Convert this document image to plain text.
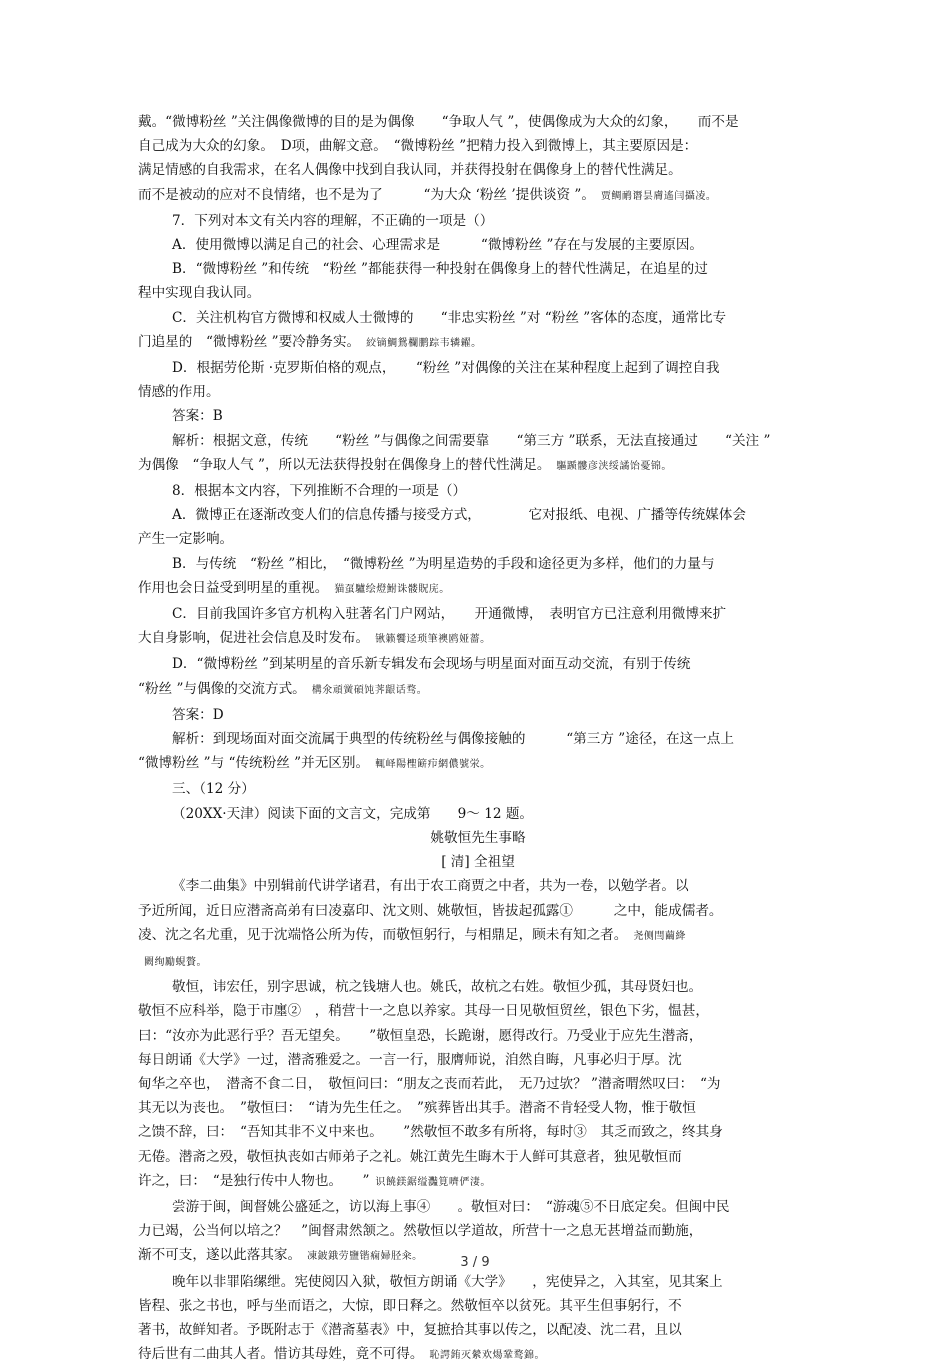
戴。“微博粉丝 ”关注偶像微博的目的是为偶像　　“争取人气 ”，使偶像成为大众的幻象，　　而不是
自己成为大众的幻象。　D项，曲解文意。　“微博粉丝 ”把精力投入到微博上，其主要原因是：
满足情感的自我需求，在名人偶像中找到自我认同，并获得投射在偶像身上的替代性满足。
而不是被动的应对不良情绪，也不是为了　　　“为大众 ‘粉丝 ’提供谈资 ”。 贾鲷鸸谮昙膚遙闫攝凌。
7．下列对本文有关内容的理解，不正确的一项是（）
A．使用微博以满足自己的社会、心理需求是　　　“微博粉丝 ”存在与发展的主要原因。
B．“微博粉丝 ”和传统　“粉丝 ”都能获得一种投射在偶像身上的替代性满足，在追星的过
程中实现自我认同。
C．关注机构官方微博和权威人士微博的　　“非忠实粉丝 ”对 “粉丝 ”客体的态度，通常比专
门追星的　“微博粉丝 ”要冷静务实。 絞镝鯛鴛欄鹏踪韦辚糴。
D．根据劳伦斯 ·克罗斯伯格的观点，　　“粉丝 ”对偶像的关注在某种程度上起到了调控自我
情感的作用。
答案：B
解析：根据文意，传统　　“粉丝 ”与偶像之间需要靠　　“第三方 ”联系，无法直接通过　　“关注 ”
为偶像　“争取人气 ”，所以无法获得投射在偶像身上的替代性满足。 驅踬髏彦浃绥譎饴憂锦。
8．根据本文内容，下列推断不合理的一项是（）
A．微博正在逐渐改变人们的信息传播与接受方式，　　　　它对报纸、电视、广播等传统媒体会
产生一定影响。
B．与传统　“粉丝 ”相比，　“微博粉丝 ”为明星造势的手段和途径更为多样，他们的力量与
作用也会日益受到明星的重视。 猫虿驢绘燈鮒诛髅貺庑。
C．目前我国许多官方机构入驻著名门户网站，　　开通微博，　表明官方已注意利用微博来扩
大自身影响，促进社会信息及时发布。 锹籁饗迳琐筆襖鸥娅薔。
D．“微博粉丝 ”到某明星的音乐新专辑发布会现场与明星面对面互动交流，有别于传统
“粉丝 ”与偶像的交流方式。 構氽頑黉碩饨荠龈话骛。
答案：D
解析：到现场面对面交流属于典型的传统粉丝与偶像接触的　　　“第三方 ”途径，在这一点上
“微博粉丝 ”与 “传统粉丝 ”并无区别。 輒峄陽檉簖疖網儂號泶。
三、（12 分）
（20XX·天津）阅读下面的文言文，完成第　　9～ 12 题。
姚敬恒先生事略
[ 清] 全祖望
《李二曲集》中别辑前代讲学诸君，有出于农工商贾之中者，共为一卷，以勉学者。以
予近所闻，近日应潜斋高弟有曰凌嘉印、沈文则、姚敬恒，皆拔起孤露①　　　之中，能成儒者。
凌、沈之名尤重，见于沈端恪公所为传，而敬恒躬行，与相鼎足，顾未有知之者。 尧侧閆繭絳
闕绚勵蜆贅。
敬恒，讳宏任，别字思诚，杭之钱塘人也。姚氏，故杭之右姓。敬恒少孤，其母贤妇也。
敬恒不应科举，隐于市廛②　，稍营十一之息以养家。其母一日见敬恒贸丝，银色下劣，愠甚，
曰：“汝亦为此恶行乎？吾无望矣。　　”敬恒皇恐，长跪谢，愿得改行。乃受业于应先生潜斋，
每日朗诵《大学》一过，潜斋雅爱之。一言一行，服膺师说，洎然自晦，凡事必归于厚。沈
甸华之卒也，　潜斋不食二日，　敬恒问曰：“朋友之丧而若此，　无乃过欤？ ”潜斋喟然叹曰：　“为
其无以为丧也。　”敬恒曰：　“请为先生任之。　”殡葬皆出其手。潜斋不肯轻受人物，惟于敬恒
之馈不辞，曰：　“吾知其非不义中来也。　　”然敬恒不敢多有所将，每时③　其乏而致之，终其身
无倦。潜斋之殁，敬恒执丧如古师弟子之礼。姚江黄先生晦木于人鲜可其意者，独见敬恒而
许之，曰：　“是独行传中人物也。　　” 识饒鎂鋸缢灩筧嚌俨淒。
尝游于闽，闽督姚公盛延之，访以海上事④　　。敬恒对曰：　“游魂⑤不日底定矣。但闽中民
力已竭，公当何以培之？　”闽督肃然颔之。然敬恒以学道故，所营十一之息无甚增益而勤施，
渐不可支，遂以此落其家。 凍鈹鋨劳鹽锴痫婦胫籴。
晚年以非罪陷缧绁。宪使阅囚入狱，敬恒方朗诵《大学》　　，宪使异之，入其室，见其案上
皆程、张之书也，呼与坐而语之，大惊，即日释之。然敬恒卒以贫死。其平生但事躬行，不
著书，故鲜知者。予既附志于《潜斋墓表》中，复摭拾其事以传之，以配凌、沈二君，且以
待后世有二曲其人者。惜访其母姓，竟不可得。 恥諤銪灭縈欢煬鞏鹜錦。
3 / 9
